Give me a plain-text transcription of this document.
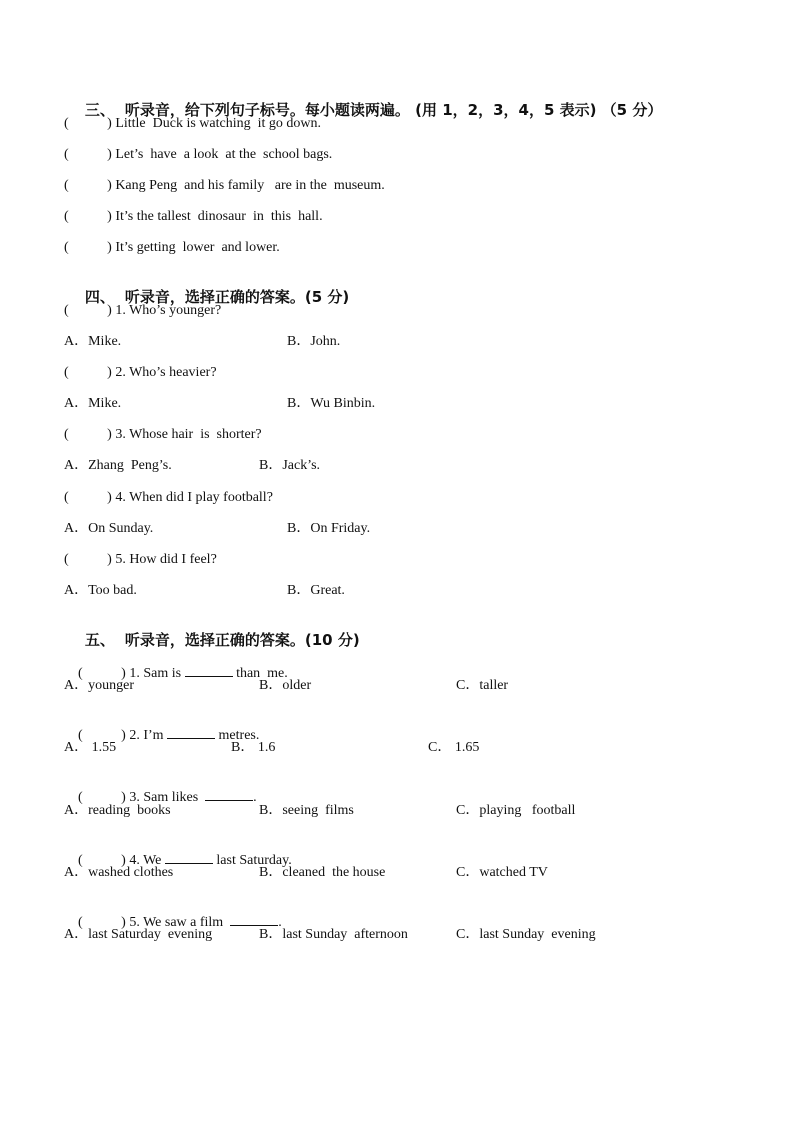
三、 听录音，给下列句子标号。每小题读两遍。 (用 1，2，3，4，5 表示) （5 分）

(           ) Little  Duck is watching  it go down.
(           ) Let’s  have  a look  at the  school bags.
(           ) Kang Peng  and his family   are in the  museum.
(           ) It’s the tallest  dinosaur  in  this  hall.
(           ) It’s getting  lower  and lower.

四、 听录音，选择正确的答案。(5 分)

(           ) 1. Who’s younger?
A．Mike.	B．John.
(           ) 2. Who’s heavier?
A．Mike.	B．Wu Binbin.
(           ) 3. Whose hair  is  shorter?
A．Zhang  Peng’s.	B．Jack’s.
(           ) 4. When did I play football?
A．On Sunday.	B．On Friday.
(           ) 5. How did I feel?
A．Too bad.	B．Great.

五、 听录音，选择正确的答案。(10 分)

(           ) 1. Sam is	than  me.

A．younger	B．older	C．taller

(           ) 2. I’m	metres.

A． 1.55	B． 1.6	C． 1.65

(           ) 3. Sam likes	.

A．reading  books	B．seeing  films	C．playing   football

(           ) 4. We	last Saturday.

A．washed clothes	B．cleaned  the house	C．watched TV

(           ) 5. We saw a film	.

A．last Saturday  evening	B．last Sunday  afternoon	C．last Sunday  evening
